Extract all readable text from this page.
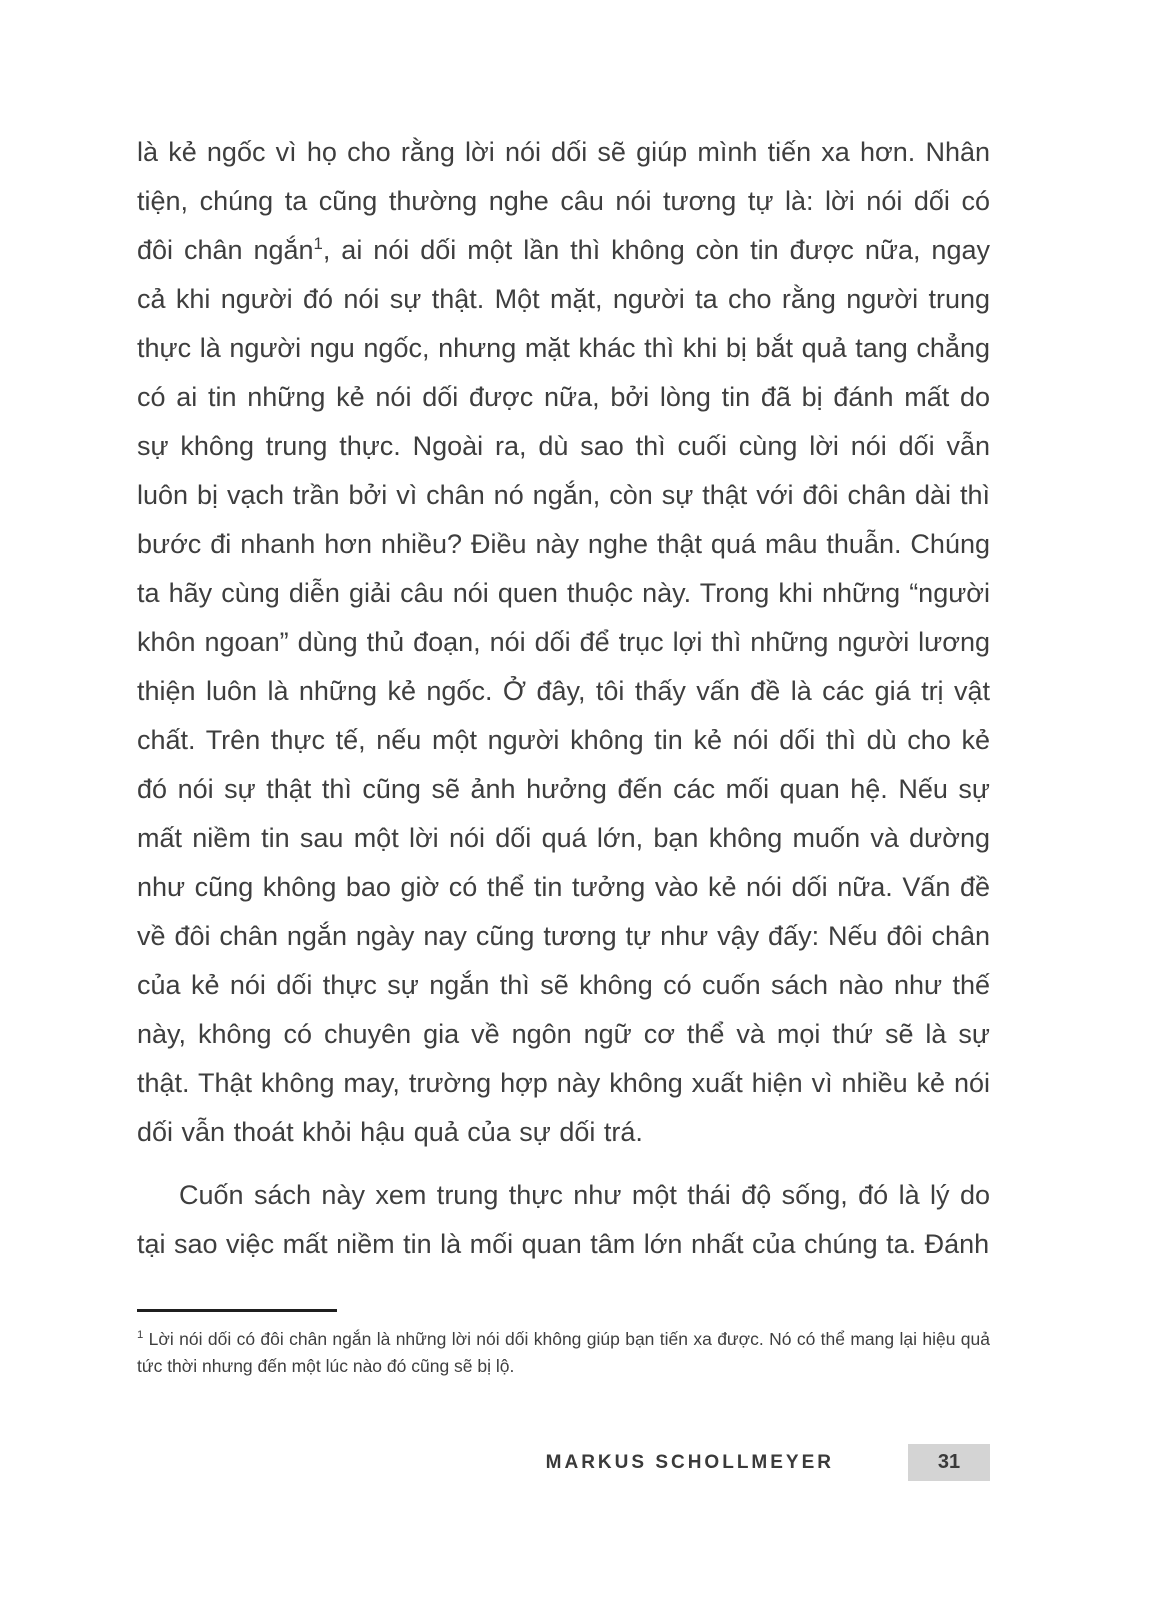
là kẻ ngốc vì họ cho rằng lời nói dối sẽ giúp mình tiến xa hơn. Nhân tiện, chúng ta cũng thường nghe câu nói tương tự là: lời nói dối có đôi chân ngắn$^1$, ai nói dối một lần thì không còn tin được nữa, ngay cả khi người đó nói sự thật. Một mặt, người ta cho rằng người trung thực là người ngu ngốc, nhưng mặt khác thì khi bị bắt quả tang chẳng có ai tin những kẻ nói dối được nữa, bởi lòng tin đã bị đánh mất do sự không trung thực. Ngoài ra, dù sao thì cuối cùng lời nói dối vẫn luôn bị vạch trần bởi vì chân nó ngắn, còn sự thật với đôi chân dài thì bước đi nhanh hơn nhiều? Điều này nghe thật quá mâu thuẫn. Chúng ta hãy cùng diễn giải câu nói quen thuộc này. Trong khi những “người khôn ngoan” dùng thủ đoạn, nói dối để trục lợi thì những người lương thiện luôn là những kẻ ngốc. Ở đây, tôi thấy vấn đề là các giá trị vật chất. Trên thực tế, nếu một người không tin kẻ nói dối thì dù cho kẻ đó nói sự thật thì cũng sẽ ảnh hưởng đến các mối quan hệ. Nếu sự mất niềm tin sau một lời nói dối quá lớn, bạn không muốn và dường như cũng không bao giờ có thể tin tưởng vào kẻ nói dối nữa. Vấn đề về đôi chân ngắn ngày nay cũng tương tự như vậy đấy: Nếu đôi chân của kẻ nói dối thực sự ngắn thì sẽ không có cuốn sách nào như thế này, không có chuyên gia về ngôn ngữ cơ thể và mọi thứ sẽ là sự thật. Thật không may, trường hợp này không xuất hiện vì nhiều kẻ nói dối vẫn thoát khỏi hậu quả của sự dối trá.

Cuốn sách này xem trung thực như một thái độ sống, đó là lý do tại sao việc mất niềm tin là mối quan tâm lớn nhất của chúng ta. Đánh

$^1$ Lời nói dối có đôi chân ngắn là những lời nói dối không giúp bạn tiến xa được. Nó có thể mang lại hiệu quả tức thời nhưng đến một lúc nào đó cũng sẽ bị lộ.

MARKUS SCHOLLMEYER	31
